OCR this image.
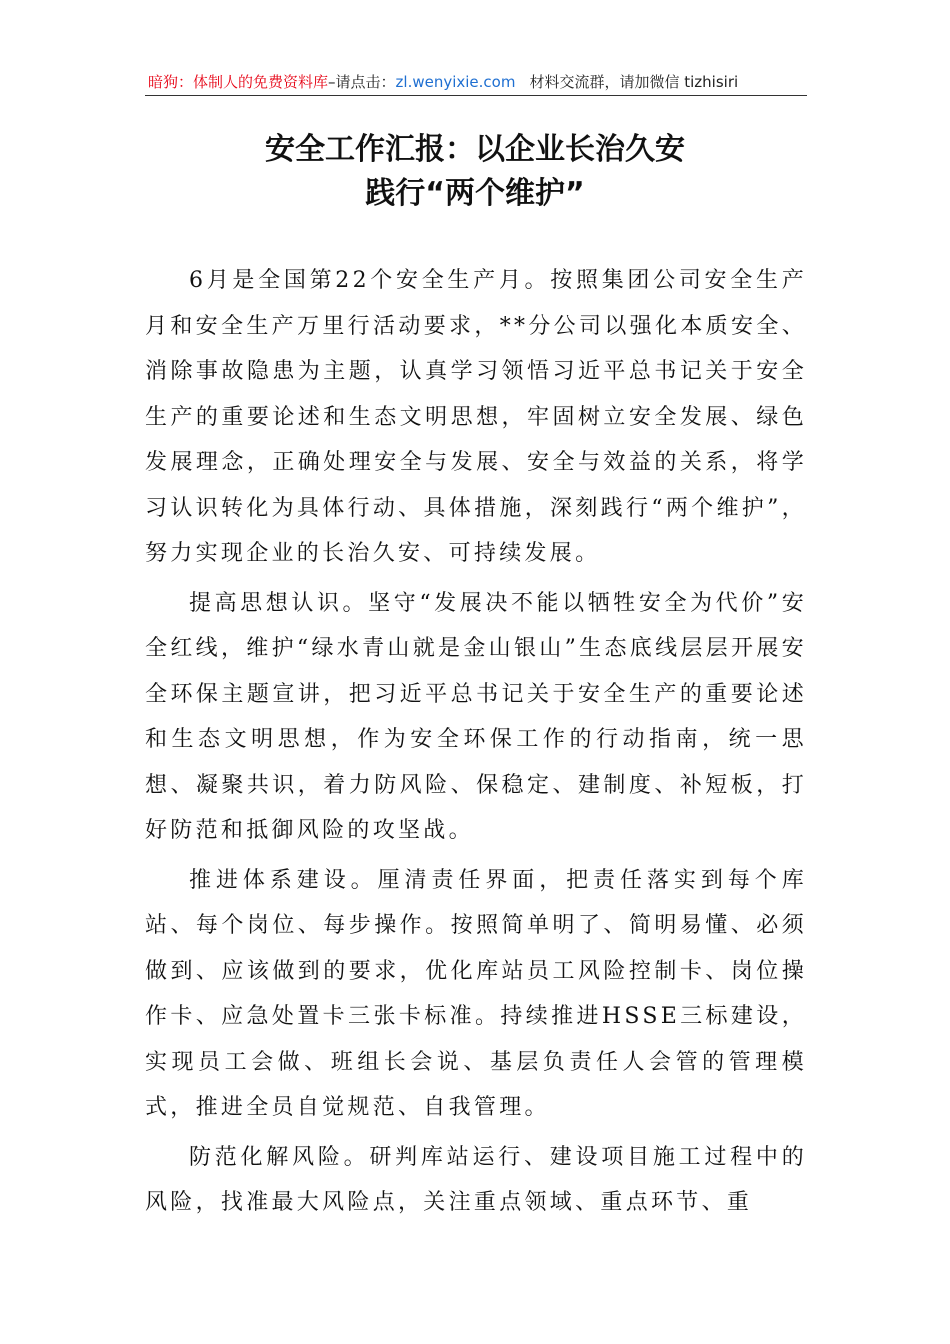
暗狗：体制人的免费资料库–请点击：zl.wenyixie.com 材料交流群，请加微信 tizhisiri
安全工作汇报：以企业长治久安
践行“两个维护”

6月是全国第22个安全生产月。按照集团公司安全生产月和安全生产万里行活动要求，**分公司以强化本质安全、消除事故隐患为主题，认真学习领悟习近平总书记关于安全生产的重要论述和生态文明思想，牢固树立安全发展、绿色发展理念，正确处理安全与发展、安全与效益的关系，将学习认识转化为具体行动、具体措施，深刻践行“两个维护”，努力实现企业的长治久安、可持续发展。

提高思想认识。坚守“发展决不能以牺牲安全为代价”安全红线，维护“绿水青山就是金山银山”生态底线层层开展安全环保主题宣讲，把习近平总书记关于安全生产的重要论述和生态文明思想，作为安全环保工作的行动指南，统一思想、凝聚共识，着力防风险、保稳定、建制度、补短板，打好防范和抵御风险的攻坚战。

推进体系建设。厘清责任界面，把责任落实到每个库站、每个岗位、每步操作。按照简单明了、简明易懂、必须做到、应该做到的要求，优化库站员工风险控制卡、岗位操作卡、应急处置卡三张卡标准。持续推进HSSE三标建设，实现员工会做、班组长会说、基层负责任人会管的管理模式，推进全员自觉规范、自我管理。

防范化解风险。研判库站运行、建设项目施工过程中的风险，找准最大风险点，关注重点领域、重点环节、重
